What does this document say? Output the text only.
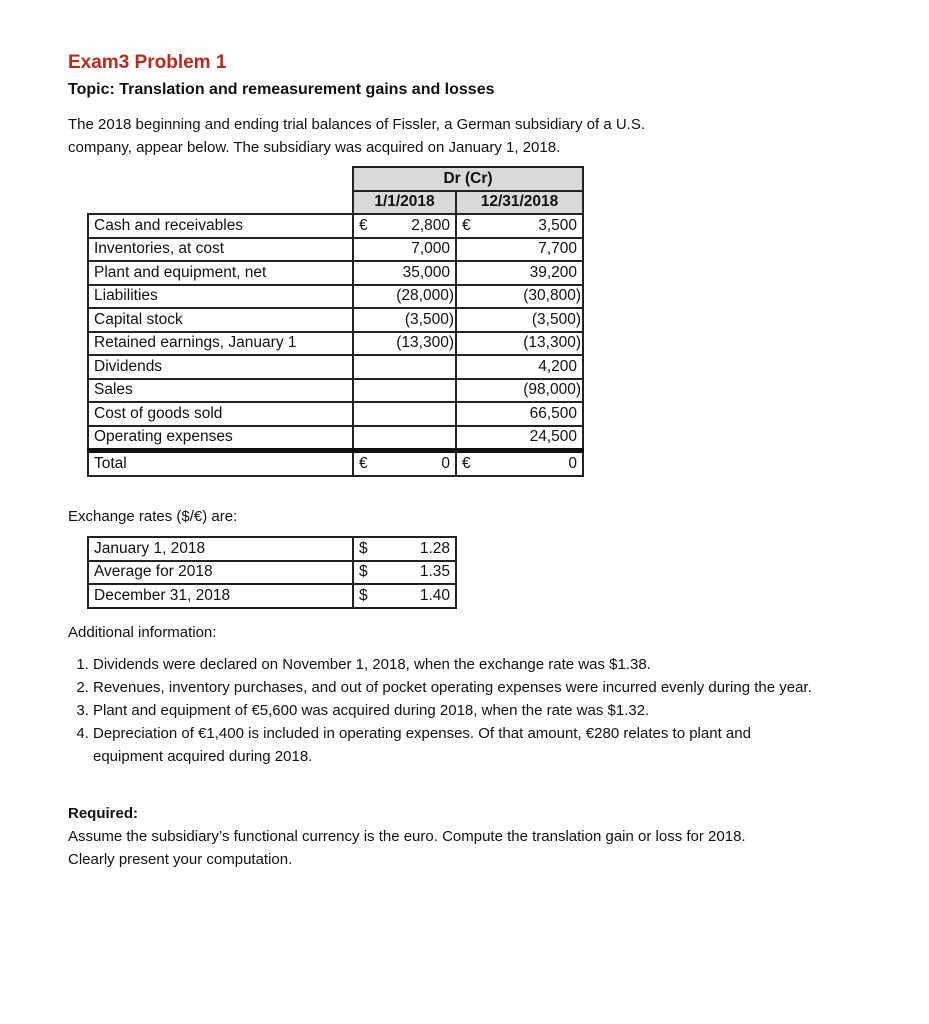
Exam3 Problem 1
Topic: Translation and remeasurement gains and losses
The 2018 beginning and ending trial balances of Fissler, a German subsidiary of a U.S.
company, appear below. The subsidiary was acquired on January 1, 2018.
	Dr (Cr)	
	1/1/2018	12/31/2018
Cash and receivables	€ 2,800	€ 3,500

Inventories, at cost	7,000	7,700

Plant and equipment, net	35,000	39,200

Liabilities	(28,000)	(30,800)

Capital stock	(3,500)	(3,500)

Retained earnings, January 1	(13,300)	(13,300)

Dividends		4,200

Sales		(98,000)

Cost of goods sold		66,500

Operating expenses		24,500

Total	€ 0	€ 0
Exchange rates ($/€) are:
January 1, 2018	$ 1.28

Average for 2018	$ 1.35

December 31, 2018	$ 1.40
Additional information:
1. Dividends were declared on November 1, 2018, when the exchange rate was $1.38.
2. Revenues, inventory purchases, and out of pocket operating expenses were incurred evenly during the year.
3. Plant and equipment of €5,600 was acquired during 2018, when the rate was $1.32.
4. Depreciation of €1,400 is included in operating expenses. Of that amount, €280 relates to plant and equipment acquired during 2018.
Required:
Assume the subsidiary’s functional currency is the euro. Compute the translation gain or loss for 2018.
Clearly present your computation.
